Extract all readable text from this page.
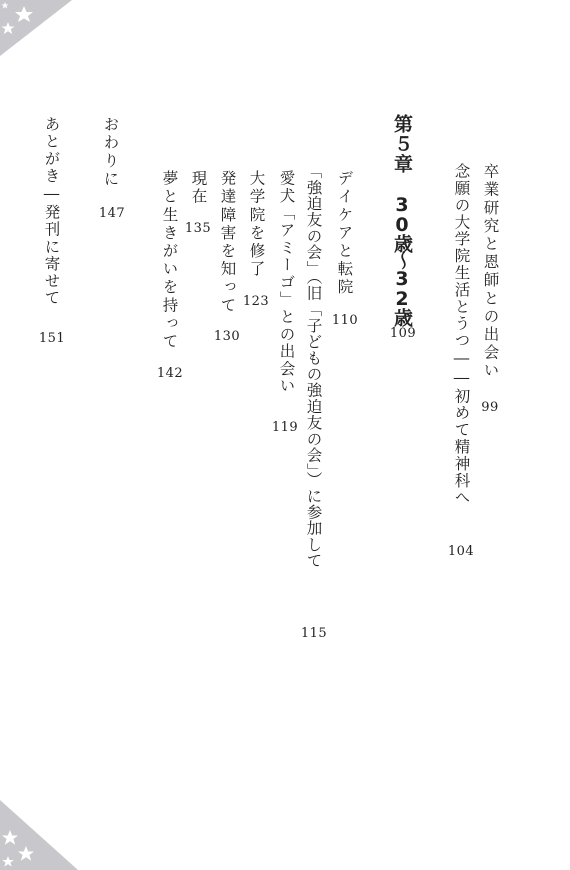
卒業研究と恩師との出会い
99
念願の大学院生活とうつ――初めて精神科へ
104
第５章
30歳〜32歳
109
デイケアと転院
110
「強迫友の会」（旧「子どもの強迫友の会」）に参加して
115
愛犬「アミーゴ」との出会い
119
大学院を修了
123
発達障害を知って
130
現在
135
夢と生きがいを持って
142
おわりに
147
あとがき―発刊に寄せて
151
